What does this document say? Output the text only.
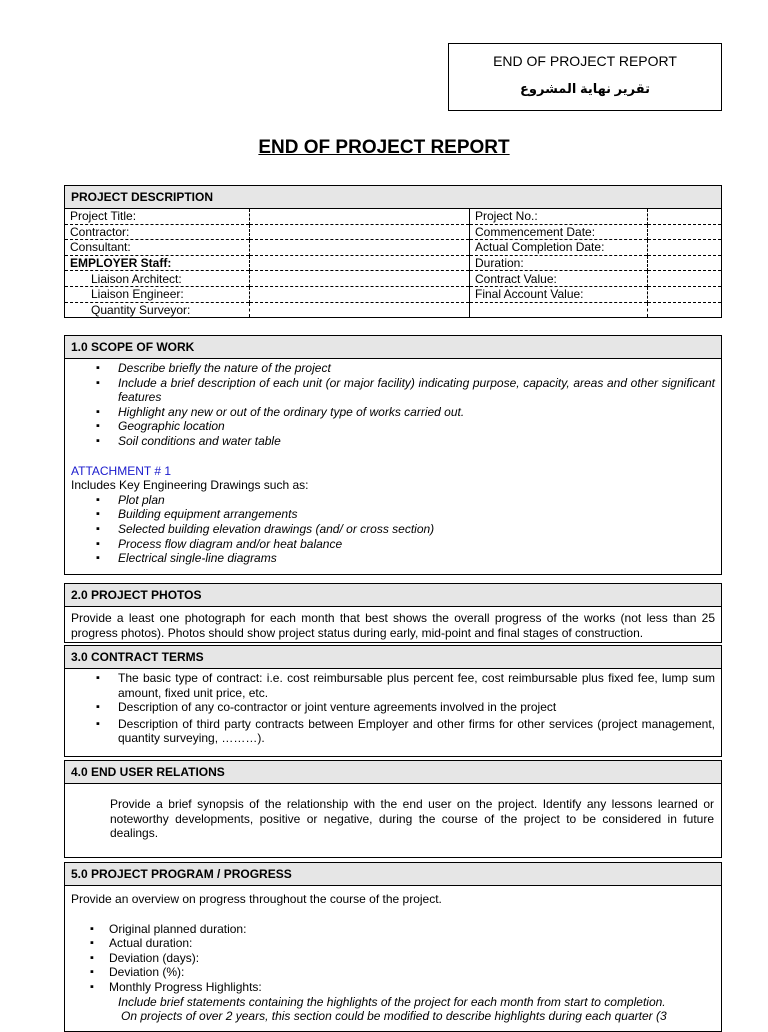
END OF PROJECT REPORT
تقرير نهاية المشروع
END OF PROJECT REPORT
PROJECT DESCRIPTION
Project Title:		Project No.:	
Contractor:		Commencement Date:	
Consultant:		Actual Completion Date:	
EMPLOYER Staff:		Duration:	
Liaison Architect:		Contract Value:	
Liaison Engineer:		Final Account Value:	
Quantity Surveyor:			
1.0 SCOPE OF WORK
▪ Describe briefly the nature of the project
▪ Include a brief description of each unit (or major facility) indicating purpose, capacity, areas and other significant features
▪ Highlight any new or out of the ordinary type of works carried out.
▪ Geographic location
▪ Soil conditions and water table
ATTACHMENT # 1
Includes Key Engineering Drawings such as:
▪ Plot plan
▪ Building equipment arrangements
▪ Selected building elevation drawings (and/ or cross section)
▪ Process flow diagram and/or heat balance
▪ Electrical single-line diagrams
2.0 PROJECT PHOTOS
Provide a least one photograph for each month that best shows the overall progress of the works (not less than 25 progress photos). Photos should show project status during early, mid-point and final stages of construction.
3.0 CONTRACT TERMS
▪ The basic type of contract: i.e. cost reimbursable plus percent fee, cost reimbursable plus fixed fee, lump sum amount, fixed unit price, etc.
▪ Description of any co-contractor or joint venture agreements involved in the project
▪ Description of third party contracts between Employer and other firms for other services (project management, quantity surveying, ………).
4.0 END USER RELATIONS
Provide a brief synopsis of the relationship with the end user on the project. Identify any lessons learned or noteworthy developments, positive or negative, during the course of the project to be considered in future dealings.
5.0 PROJECT PROGRAM / PROGRESS
Provide an overview on progress throughout the course of the project.
▪ Original planned duration:
▪ Actual duration:
▪ Deviation (days):
▪ Deviation (%):
▪ Monthly Progress Highlights:
Include brief statements containing the highlights of the project for each month from start to completion.
On projects of over 2 years, this section could be modified to describe highlights during each quarter (3
